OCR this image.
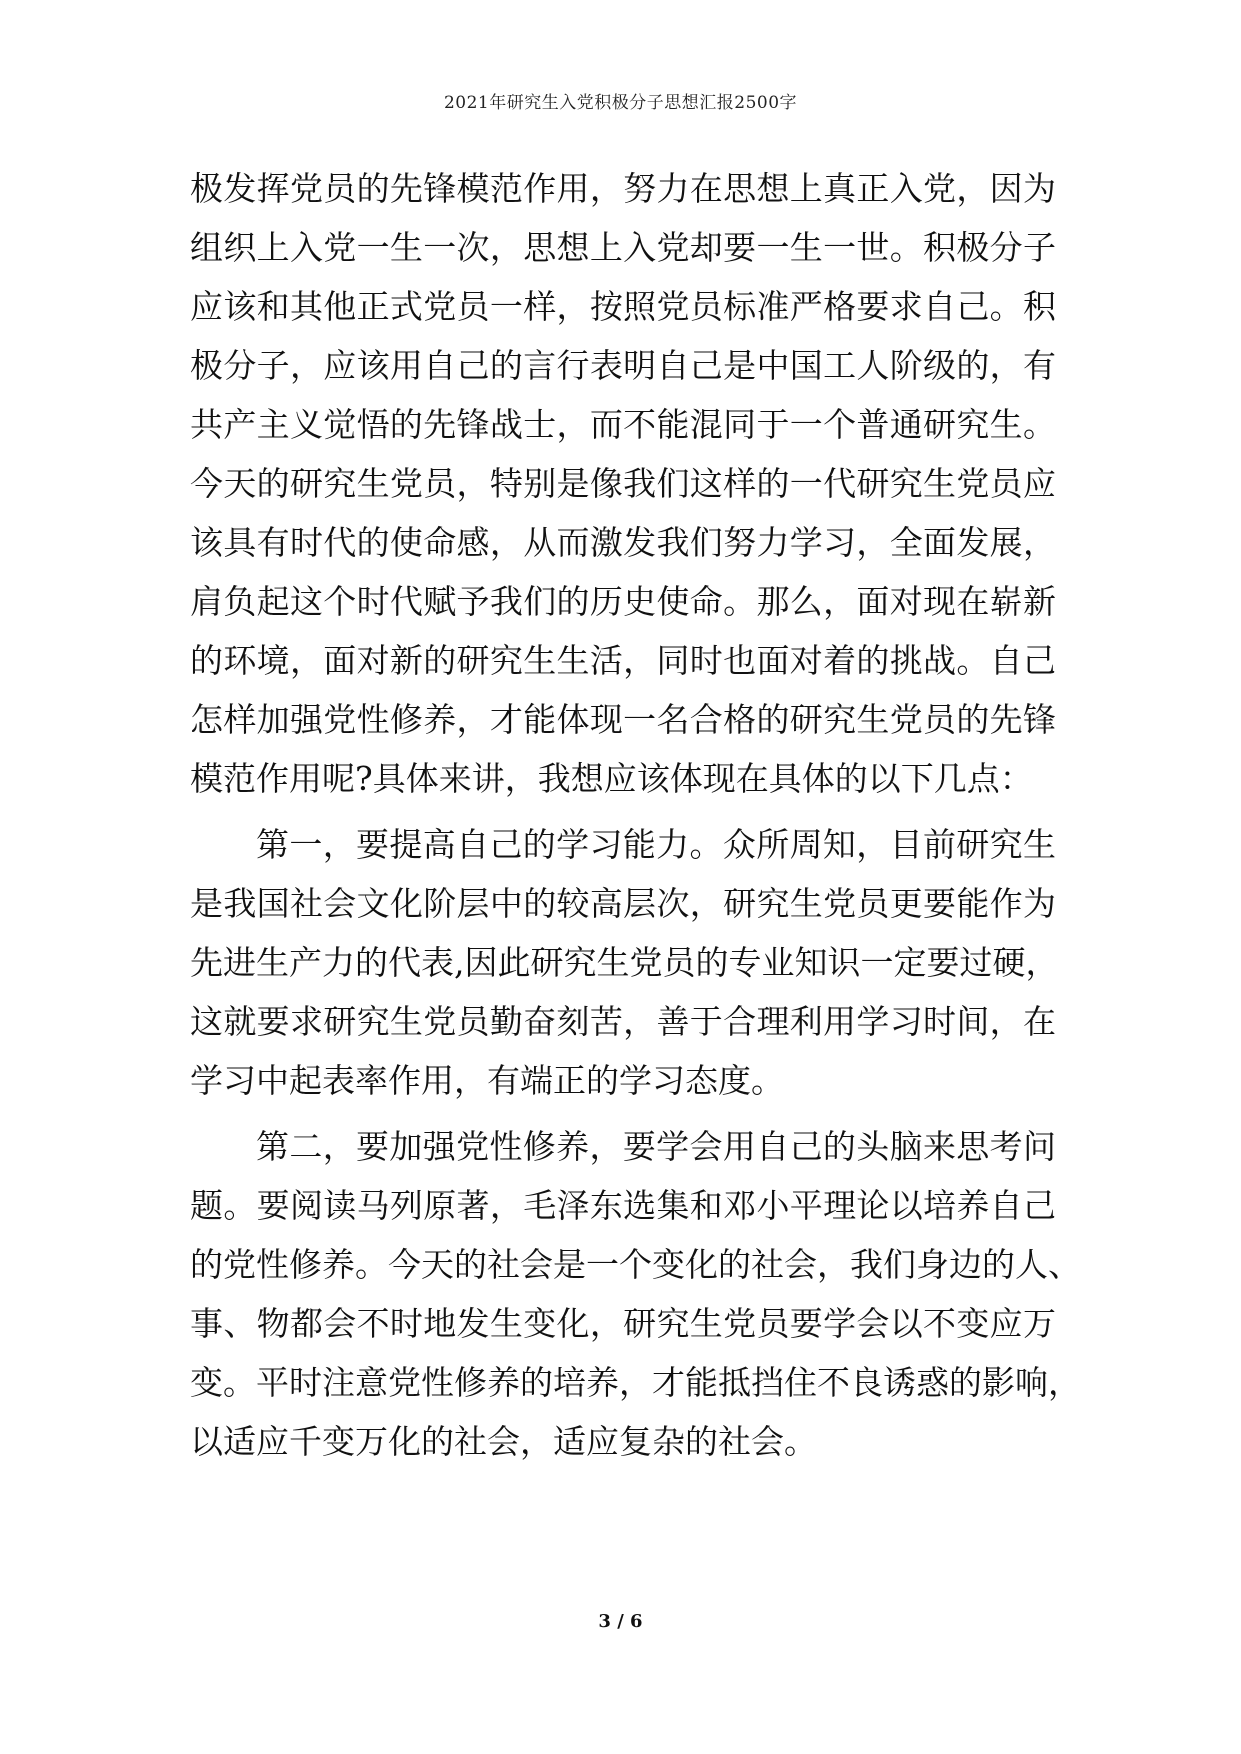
2021年研究生入党积极分子思想汇报2500字
极发挥党员的先锋模范作用，努力在思想上真正入党，因为
组织上入党一生一次，思想上入党却要一生一世。积极分子
应该和其他正式党员一样，按照党员标准严格要求自己。积
极分子，应该用自己的言行表明自己是中国工人阶级的，有
共产主义觉悟的先锋战士，而不能混同于一个普通研究生。
今天的研究生党员，特别是像我们这样的一代研究生党员应
该具有时代的使命感，从而激发我们努力学习，全面发展，
肩负起这个时代赋予我们的历史使命。那么，面对现在崭新
的环境，面对新的研究生生活，同时也面对着的挑战。自己
怎样加强党性修养，才能体现一名合格的研究生党员的先锋
模范作用呢?具体来讲，我想应该体现在具体的以下几点：
第一，要提高自己的学习能力。众所周知，目前研究生
是我国社会文化阶层中的较高层次，研究生党员更要能作为
先进生产力的代表,因此研究生党员的专业知识一定要过硬，
这就要求研究生党员勤奋刻苦，善于合理利用学习时间，在
学习中起表率作用，有端正的学习态度。
第二，要加强党性修养，要学会用自己的头脑来思考问
题。要阅读马列原著，毛泽东选集和邓小平理论以培养自己
的党性修养。今天的社会是一个变化的社会，我们身边的人、
事、物都会不时地发生变化，研究生党员要学会以不变应万
变。平时注意党性修养的培养，才能抵挡住不良诱惑的影响，
以适应千变万化的社会，适应复杂的社会。
3 / 6
